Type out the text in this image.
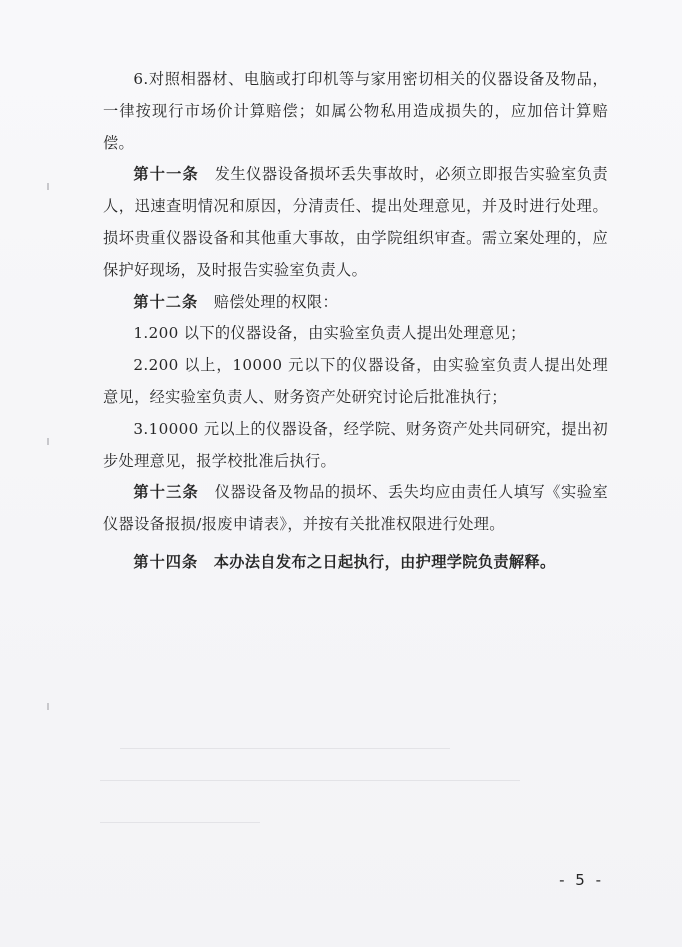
6.对照相器材、电脑或打印机等与家用密切相关的仪器设备及物品，一律按现行市场价计算赔偿；如属公物私用造成损失的，应加倍计算赔偿。

第十一条  发生仪器设备损坏丢失事故时，必须立即报告实验室负责人，迅速查明情况和原因，分清责任、提出处理意见，并及时进行处理。损坏贵重仪器设备和其他重大事故，由学院组织审查。需立案处理的，应保护好现场，及时报告实验室负责人。

第十二条  赔偿处理的权限：

1.200 以下的仪器设备，由实验室负责人提出处理意见；

2.200 以上，10000 元以下的仪器设备，由实验室负责人提出处理意见，经实验室负责人、财务资产处研究讨论后批准执行；

3.10000 元以上的仪器设备，经学院、财务资产处共同研究，提出初步处理意见，报学校批准后执行。

第十三条  仪器设备及物品的损坏、丢失均应由责任人填写《实验室仪器设备报损/报废申请表》，并按有关批准权限进行处理。

第十四条  本办法自发布之日起执行，由护理学院负责解释。

- 5 -
